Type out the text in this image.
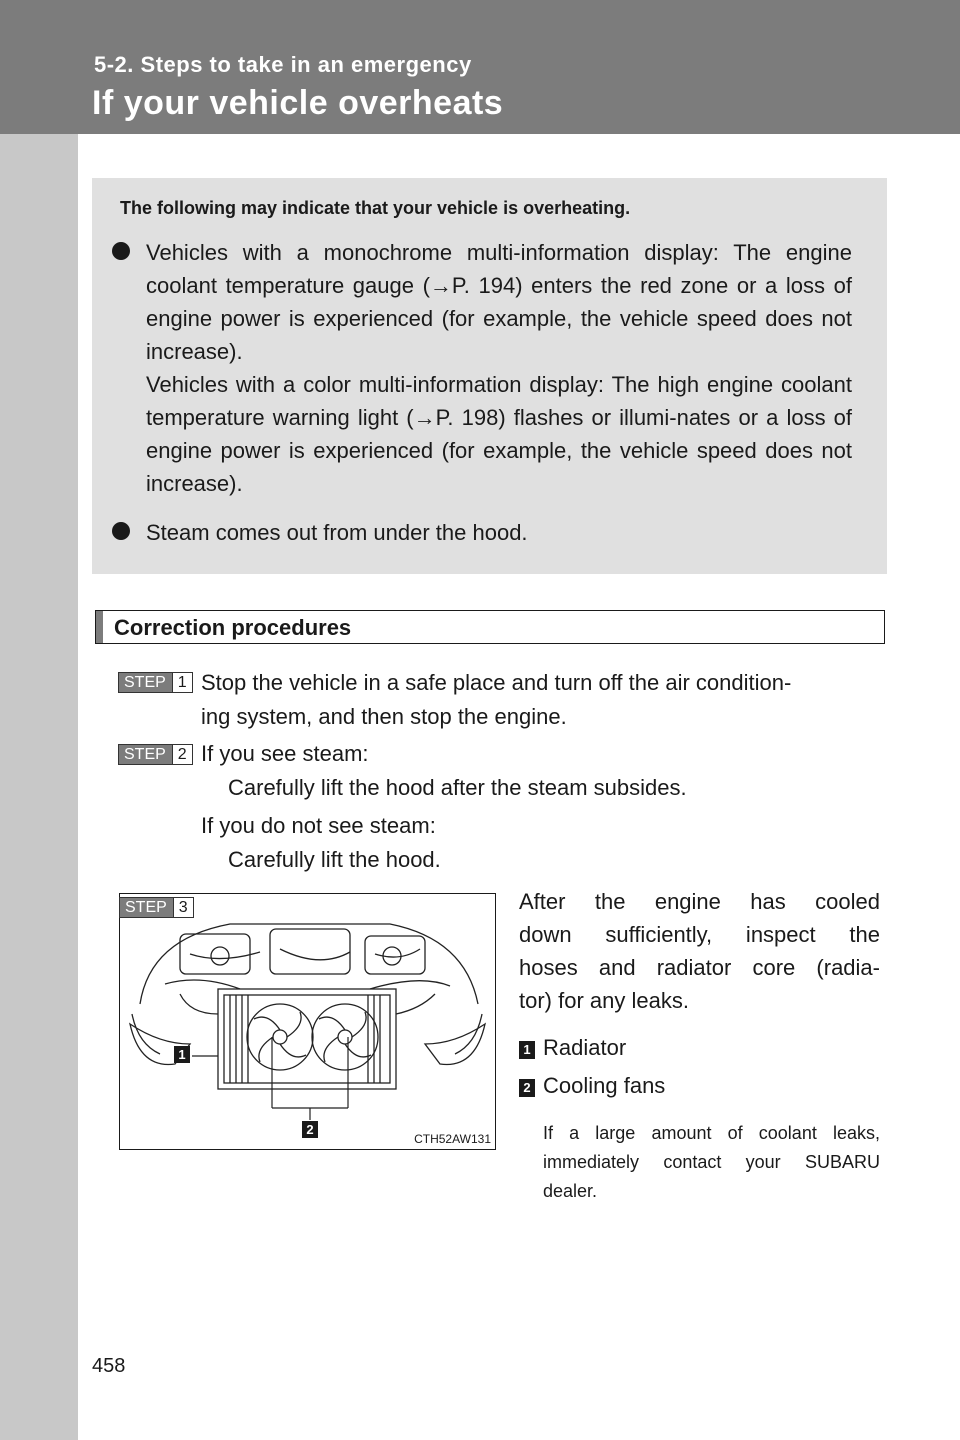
5-2. Steps to take in an emergency
If your vehicle overheats
The following may indicate that your vehicle is overheating.

Vehicles with a monochrome multi-information display: The engine coolant temperature gauge (→P. 194) enters the red zone or a loss of engine power is experienced (for example, the vehicle speed does not increase).

Vehicles with a color multi-information display: The high engine coolant temperature warning light (→P. 198) flashes or illumi-nates or a loss of engine power is experienced (for example, the vehicle speed does not increase).

Steam comes out from under the hood.

Correction procedures
STEP 1 Stop the vehicle in a safe place and turn off the air condition-
ing system, and then stop the engine.
STEP 2 If you see steam:
Carefully lift the hood after the steam subsides.
If you do not see steam:
Carefully lift the hood.
STEP 3
1
2
CTH52AW131
After the engine has cooled
down sufficiently, inspect the
hoses and radiator core (radia-
tor) for any leaks.
1 Radiator
2 Cooling fans
If a large amount of coolant leaks, immediately contact your SUBARU dealer.
458
carmanualsonline.info
